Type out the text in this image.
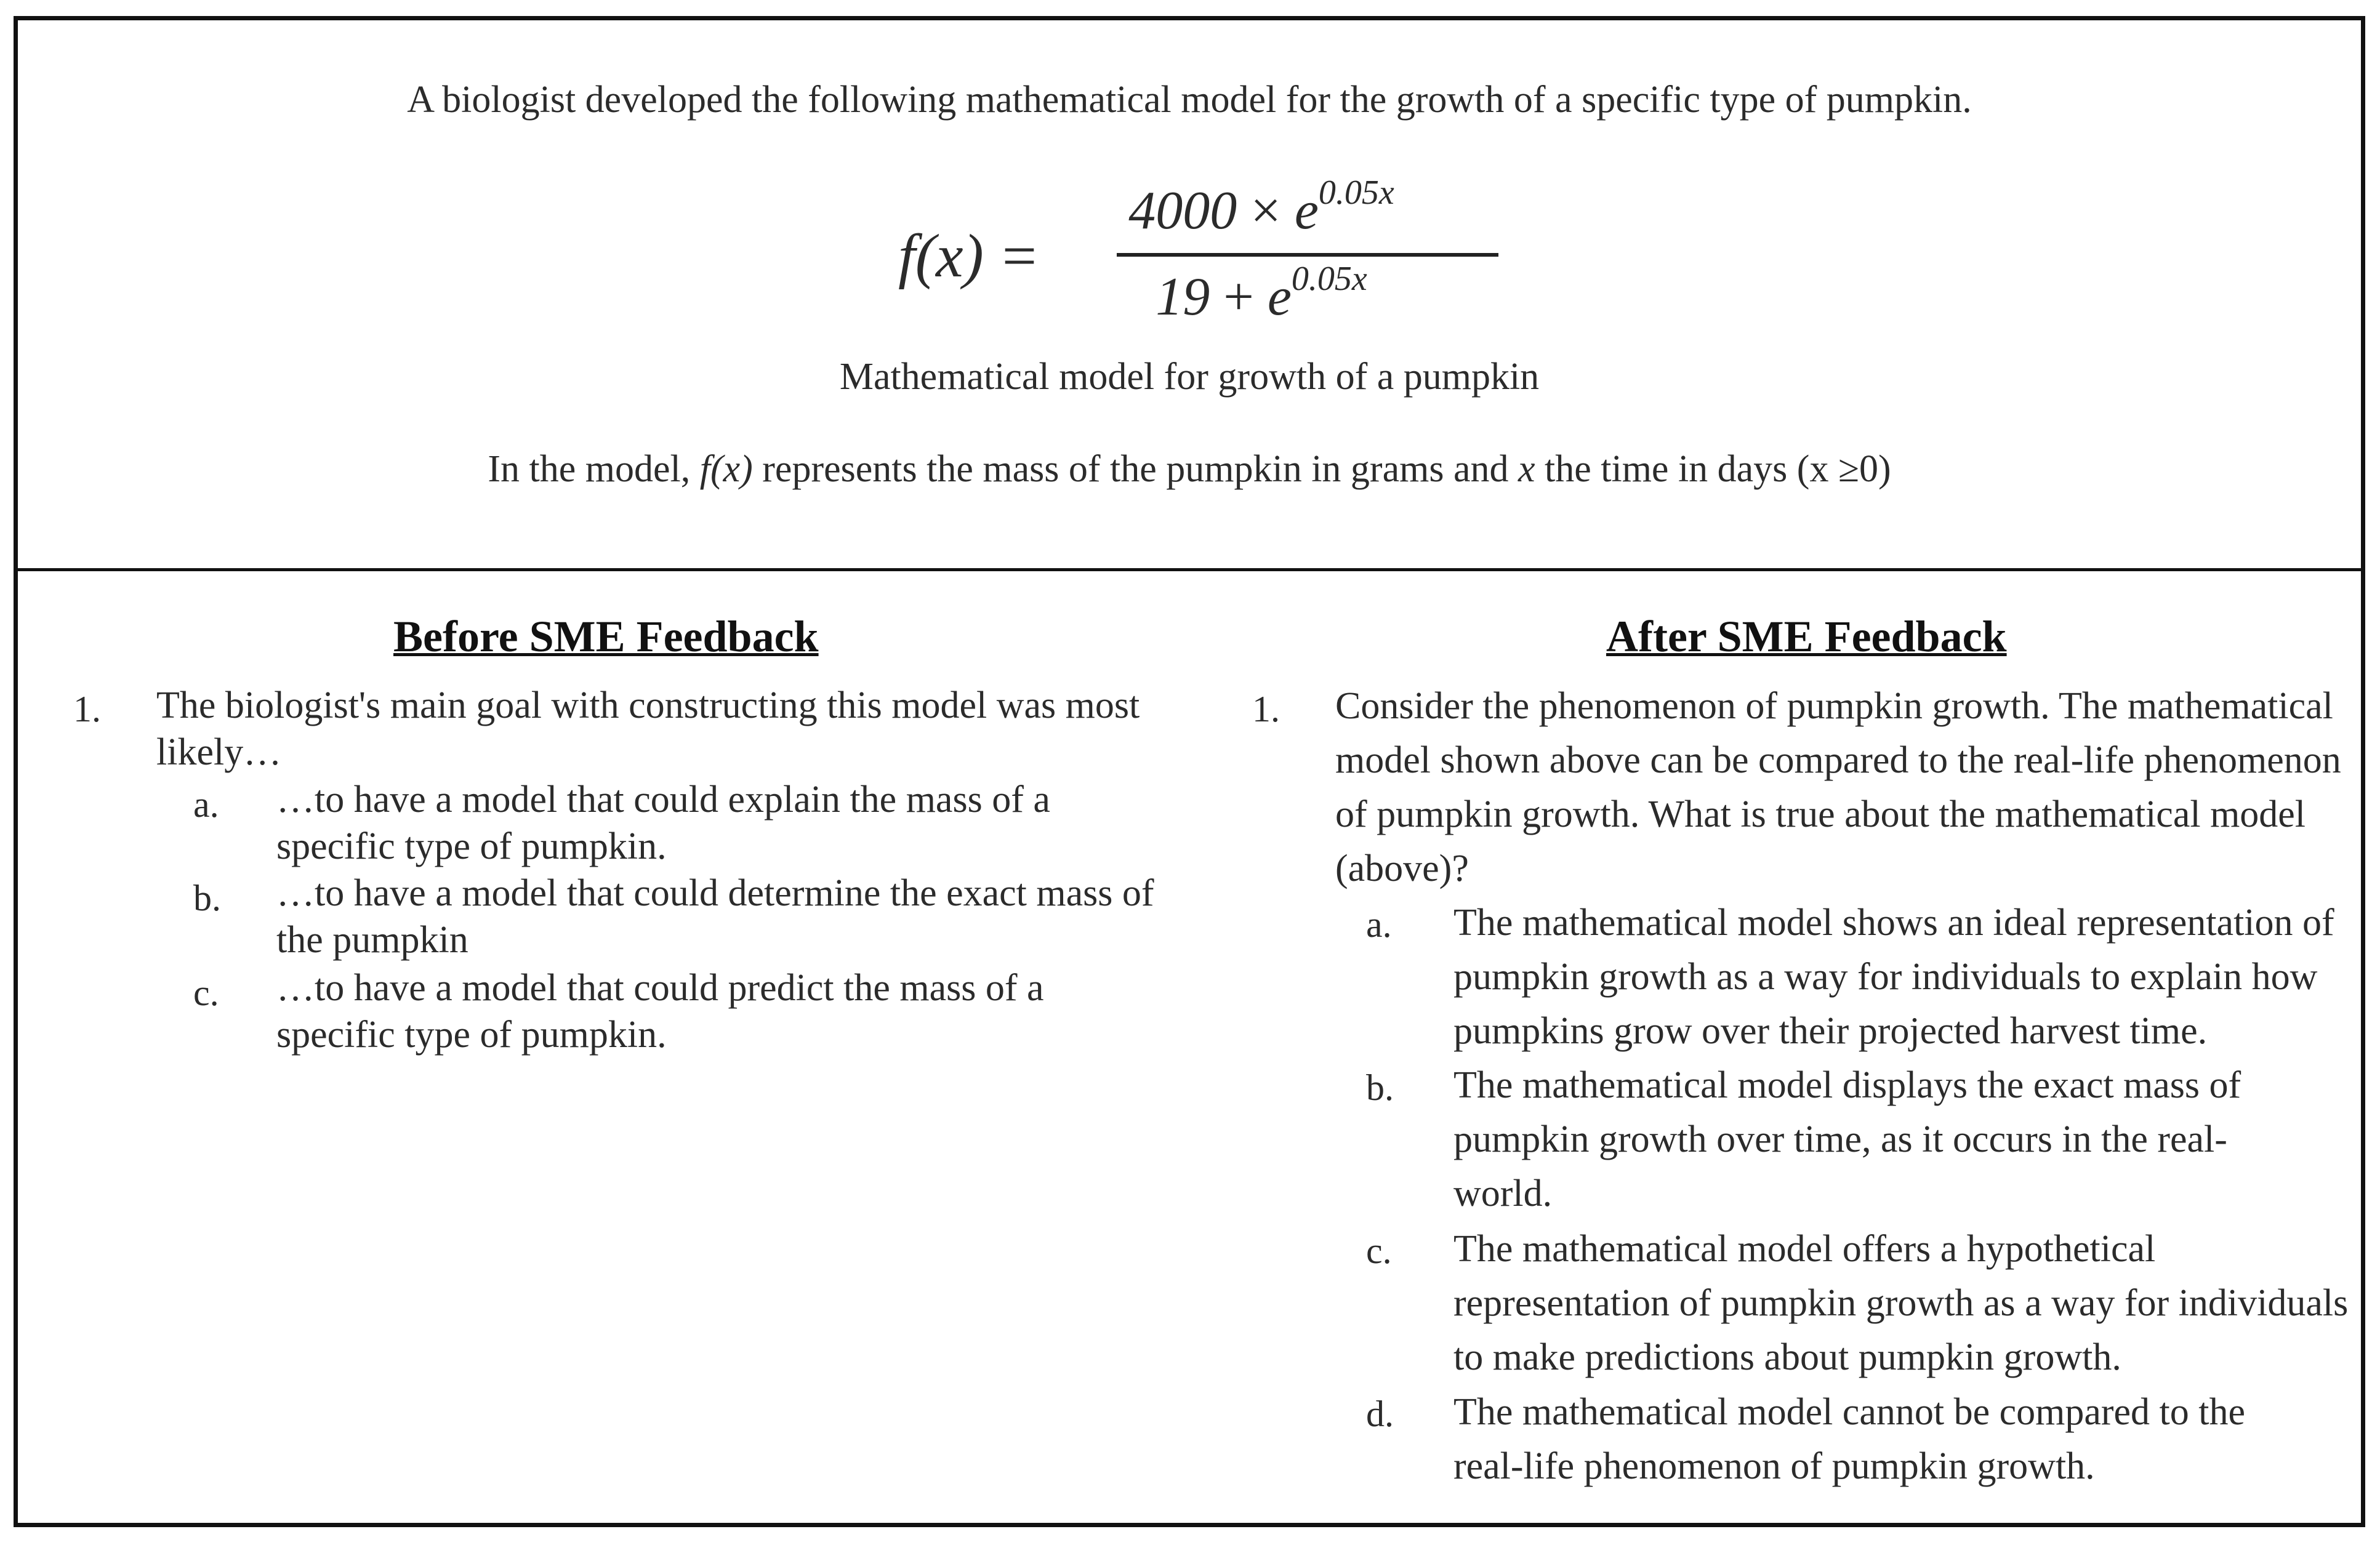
A biologist developed the following mathematical model for the growth of a specific type of pumpkin.
f(x) =
$4000 \times e^{0.05x}$
$19 + e^{0.05x}$
Mathematical model for growth of a pumpkin
In the model, f(x) represents the mass of the pumpkin in grams and x the time in days (x ≥0)
Before SME Feedback	After SME Feedback
1. The biologist's main goal with constructing this model was most likely…
a. …to have a model that could explain the mass of a specific type of pumpkin.
b. …to have a model that could determine the exact mass of the pumpkin
c. …to have a model that could predict the mass of a specific type of pumpkin.
1. Consider the phenomenon of pumpkin growth. The mathematical model shown above can be compared to the real-life phenomenon of pumpkin growth. What is true about the mathematical model (above)?
a. The mathematical model shows an ideal representation of pumpkin growth as a way for individuals to explain how pumpkins grow over their projected harvest time.
b. The mathematical model displays the exact mass of pumpkin growth over time, as it occurs in the real-world.
c. The mathematical model offers a hypothetical representation of pumpkin growth as a way for individuals to make predictions about pumpkin growth.
d. The mathematical model cannot be compared to the real-life phenomenon of pumpkin growth.
